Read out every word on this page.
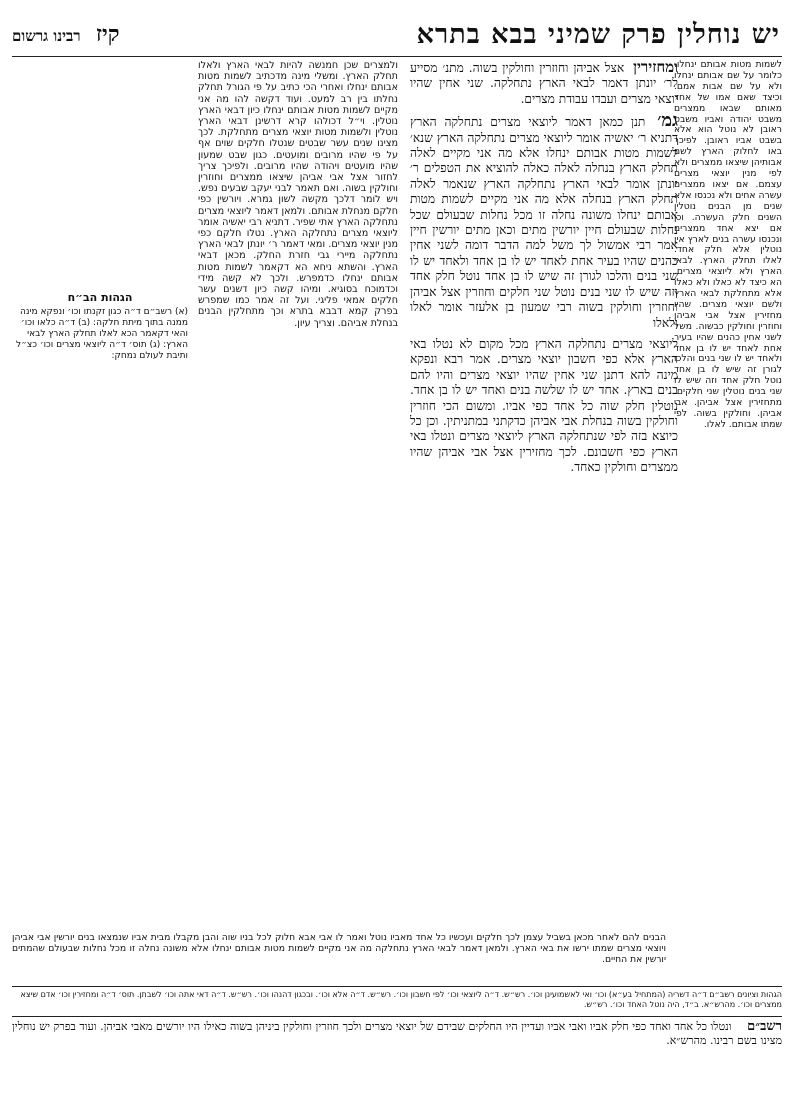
יש נוחלין פרק שמיני בבא בתרא
קיז רבינו גרשום

לשמות מטות אבותם ינחלו. כלומר על שם אבותם ינחלו ולא על שם אבות אמם. וכיצד שאם אמו של אחד מאותם שבאו ממצרים משבט יהודה ואביו משבט ראובן לא נוטל הוא אלא בשבט אביו ראובן. לפיכך באו לחלוק הארץ לשם אבותיהן שיצאו ממצרים ולא לפי מנין יוצאי מצרים עצמם. אם יצאו ממצרים עשרה אחים ולא נכנסו אלא שנים מן הבנים נוטלין השנים חלק העשרה. וכן אם יצא אחד ממצרים ונכנסו עשרה בנים לארץ אין נוטלין אלא חלק אחד. לאלו תחלק הארץ. לבאי הארץ ולא ליוצאי מצרים. הא כיצד לא כאלו ולא כאלו אלא מתחלקת לבאי הארץ ולשם יוצאי מצרים. שהיו מחזירין אצל אבי אביהן וחוזרין וחולקין כבשוה. משל לשני אחין כהנים שהיו בעיר אחת לאחד יש לו בן אחד ולאחד יש לו שני בנים והלכו לגורן זה שיש לו בן אחד נוטל חלק אחד וזה שיש לו שני בנים נוטלין שני חלקים. מתחזירין אצל אביהן. אבי אביהן. וחולקין בשוה. לפי שמתו אבותם. לאלו.

ומחזירין אצל אביהן וחוזרין וחולקין בשוה. מתנ׳ מסייע לר׳ יונתן דאמר לבאי הארץ נתחלקה. שני אחין שהיו יוצאי מצרים ועבדו עבודת מצרים.

גמ׳ תנן כמאן דאמר ליוצאי מצרים נתחלקה הארץ דתניא ר׳ יאשיה אומר ליוצאי מצרים נתחלקה הארץ שנא׳ לשמות מטות אבותם ינחלו אלא מה אני מקיים לאלה תחלק הארץ בנחלה לאלה כאלה להוציא את הטפלים ר׳ יונתן אומר לבאי הארץ נתחלקה הארץ שנאמר לאלה תחלק הארץ בנחלה אלא מה אני מקיים לשמות מטות אבותם ינחלו משונה נחלה זו מכל נחלות שבעולם שכל נחלות שבעולם חיין יורשין מתים וכאן מתים יורשין חיין אמר רבי אמשול לך משל למה הדבר דומה לשני אחין כהנים שהיו בעיר אחת לאחד יש לו בן אחד ולאחד יש לו שני בנים והלכו לגורן זה שיש לו בן אחד נוטל חלק אחד וזה שיש לו שני בנים נוטל שני חלקים וחוזרין אצל אביהן וחוזרין וחולקין בשוה רבי שמעון בן אלעזר אומר לאלו ולאלו

ליוצאי מצרים נתחלקה הארץ מכל מקום לא נטלו באי הארץ אלא כפי חשבון יוצאי מצרים. אמר רבא ונפקא מינה להא דתנן שני אחין שהיו יוצאי מצרים והיו להם בנים בארץ. אחד יש לו שלשה בנים ואחד יש לו בן אחד. נוטלין חלק שוה כל אחד כפי אביו. ומשום הכי חוזרין וחולקין בשוה בנחלת אבי אביהן כדקתני במתניתין. וכן כל כיוצא בזה לפי שנתחלקה הארץ ליוצאי מצרים ונטלו באי הארץ כפי חשבונם. לכך מחזירין אצל אבי אביהן שהיו ממצרים וחולקין כאחד.

ולמצרים שכן חמנשה להיות לבאי הארץ ולאלו תחלק הארץ. ומשלי מינה מדכתיב לשמות מטות אבותם ינחלו ואחרי הכי כתיב על פי הגורל תחלק נחלתו בין רב למעט. ועוד דקשה להו מה אני מקיים לשמות מטות אבותם ינחלו כיון דבאי הארץ נוטלין. וי״ל דכולהו קרא דרשינן דבאי הארץ נוטלין ולשמות מטות יוצאי מצרים מתחלקת. לכך מצינו שנים עשר שבטים שנטלו חלקים שוים אף על פי שהיו מרובים ומועטים. כגון שבט שמעון שהיו מועטים ויהודה שהיו מרובים. ולפיכך צריך לחזור אצל אבי אביהן שיצאו ממצרים וחוזרין וחולקין בשוה. ואם תאמר לבני יעקב שבעים נפש. ויש לומר דלכך מקשה לשון גמרא. ויורשין כפי חלקם מנחלת אבותם. ולמאן דאמר ליוצאי מצרים נתחלקה הארץ אתי שפיר. דתניא רבי יאשיה אומר ליוצאי מצרים נתחלקה הארץ. נטלו חלקם כפי מנין יוצאי מצרים. ומאי דאמר ר׳ יונתן לבאי הארץ נתחלקה מיירי גבי חזרת החלק. מכאן דבאי הארץ. והשתא ניחא הא דקאמר לשמות מטות אבותם ינחלו כדמפרש. ולכך לא קשה מידי וכדמוכח בסוגיא. ומיהו קשה כיון דשנים עשר חלקים אמאי פליגי. ועל זה אמר כמו שמפרש בפרק קמא דבבא בתרא וכך מתחלקין הבנים בנחלת אביהם. וצריך עיון.

הגהות הב״ח
(א) רשב״ם ד״ה כגון זקנתו וכו׳ ונפקא מינה ממנה בתוך מיתת חלקה: (ב) ד״ה כלאו וכו׳ והאי דקאמר הכא לאלו תחלק הארץ לבאי הארץ: (ג) תוס׳ ד״ה ליוצאי מצרים וכו׳ כצ״ל ותיבת לעולם נמחק:

הבנים להם לאחר מכאן בשביל עצמן לכך חלקים ועכשיו כל אחד מאביו נוטל ואמר לו אבי אבא חלוק לכל בניו שוה והבן מקבלו מבית אביו שנמצאו בנים יורשין אבי אביהן ויוצאי מצרים שמתו ירשו את באי הארץ. ולמאן דאמר לבאי הארץ נתחלקה מה אני מקיים לשמות מטות אבותם ינחלו אלא משונה נחלה זו מכל נחלות שבעולם שהמתים יורשין את החיים.

הגהות וציונים רשב״ם ד״ה דשריה (המתחיל בע״א) וכו׳ ואי לאשמועינן וכו׳. רש״ש. ד״ה ליוצאי וכו׳ לפי חשבון וכו׳. רש״ש. ד״ה אלא וכו׳. ובכגון דהנהו וכו׳. רש״ש. ד״ה דאי אתה וכו׳ לשבתן. תוס׳ ד״ה ומחזירין וכו׳ אדם שיצא ממצרים וכו׳. מהרש״א. ב״ד, היה נוטל האחד וכו׳. רש״ש.
רשב״ם ונטלו כל אחד ואחד כפי חלק אביו ואבי אביו ועדיין היו החלקים שבידם של יוצאי מצרים ולכך חוזרין וחולקין ביניהן בשוה כאילו היו יורשים מאבי אביהן. ועוד בפרק יש נוחלין מצינו בשם רבינו. מהרש״א.
